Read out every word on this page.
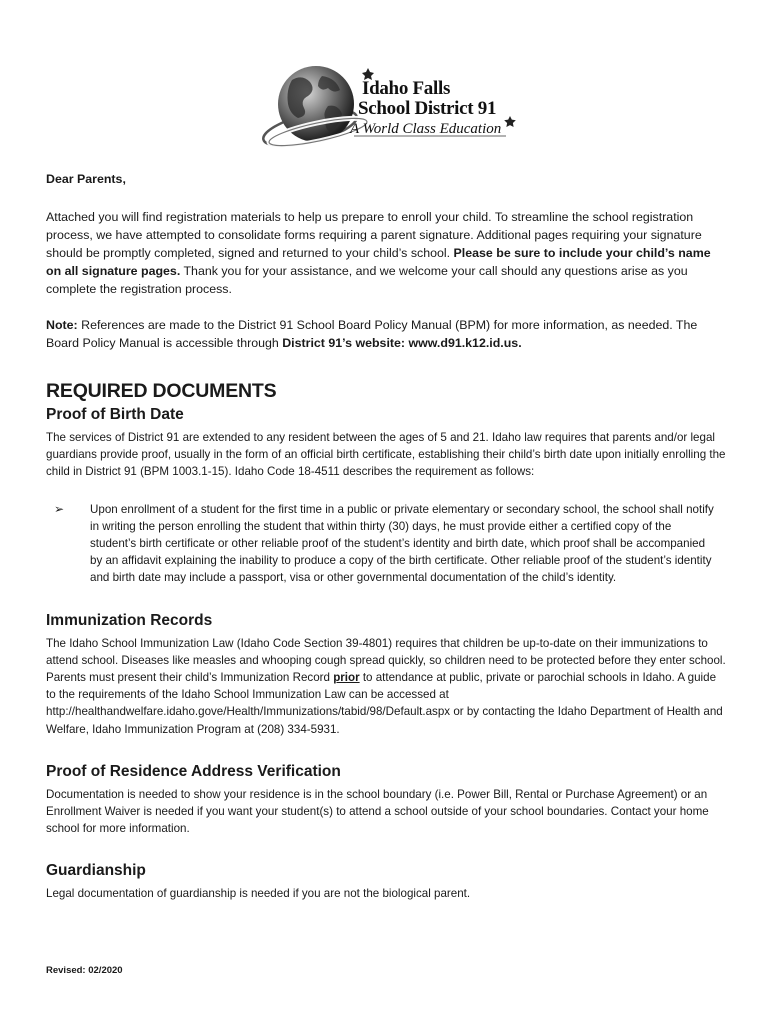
Idaho Falls
School District 91
A World Class Education

Dear Parents,

Attached you will find registration materials to help us prepare to enroll your child. To streamline the school registration process, we have attempted to consolidate forms requiring a parent signature. Additional pages requiring your signature should be promptly completed, signed and returned to your child’s school. Please be sure to include your child’s name on all signature pages. Thank you for your assistance, and we welcome your call should any questions arise as you complete the registration process.

Note: References are made to the District 91 School Board Policy Manual (BPM) for more information, as needed. The Board Policy Manual is accessible through District 91’s website: www.d91.k12.id.us.

REQUIRED DOCUMENTS
Proof of Birth Date

The services of District 91 are extended to any resident between the ages of 5 and 21. Idaho law requires that parents and/or legal guardians provide proof, usually in the form of an official birth certificate, establishing their child’s birth date upon initially enrolling the child in District 91 (BPM 1003.1-15). Idaho Code 18-4511 describes the requirement as follows:

➢	Upon enrollment of a student for the first time in a public or private elementary or secondary school, the school shall notify in writing the person enrolling the student that within thirty (30) days, he must provide either a certified copy of the student’s birth certificate or other reliable proof of the student’s identity and birth date, which proof shall be accompanied by an affidavit explaining the inability to produce a copy of the birth certificate. Other reliable proof of the student’s identity and birth date may include a passport, visa or other governmental documentation of the child’s identity.
Immunization Records

The Idaho School Immunization Law (Idaho Code Section 39-4801) requires that children be up-to-date on their immunizations to attend school. Diseases like measles and whooping cough spread quickly, so children need to be protected before they enter school. Parents must present their child’s Immunization Record prior to attendance at public, private or parochial schools in Idaho. A guide to the requirements of the Idaho School Immunization Law can be accessed at http://healthandwelfare.idaho.gove/Health/Immunizations/tabid/98/Default.aspx or by contacting the Idaho Department of Health and Welfare, Idaho Immunization Program at (208) 334-5931.

Proof of Residence Address Verification

Documentation is needed to show your residence is in the school boundary (i.e. Power Bill, Rental or Purchase Agreement) or an Enrollment Waiver is needed if you want your student(s) to attend a school outside of your school boundaries. Contact your home school for more information.

Guardianship

Legal documentation of guardianship is needed if you are not the biological parent.

Revised: 02/2020
